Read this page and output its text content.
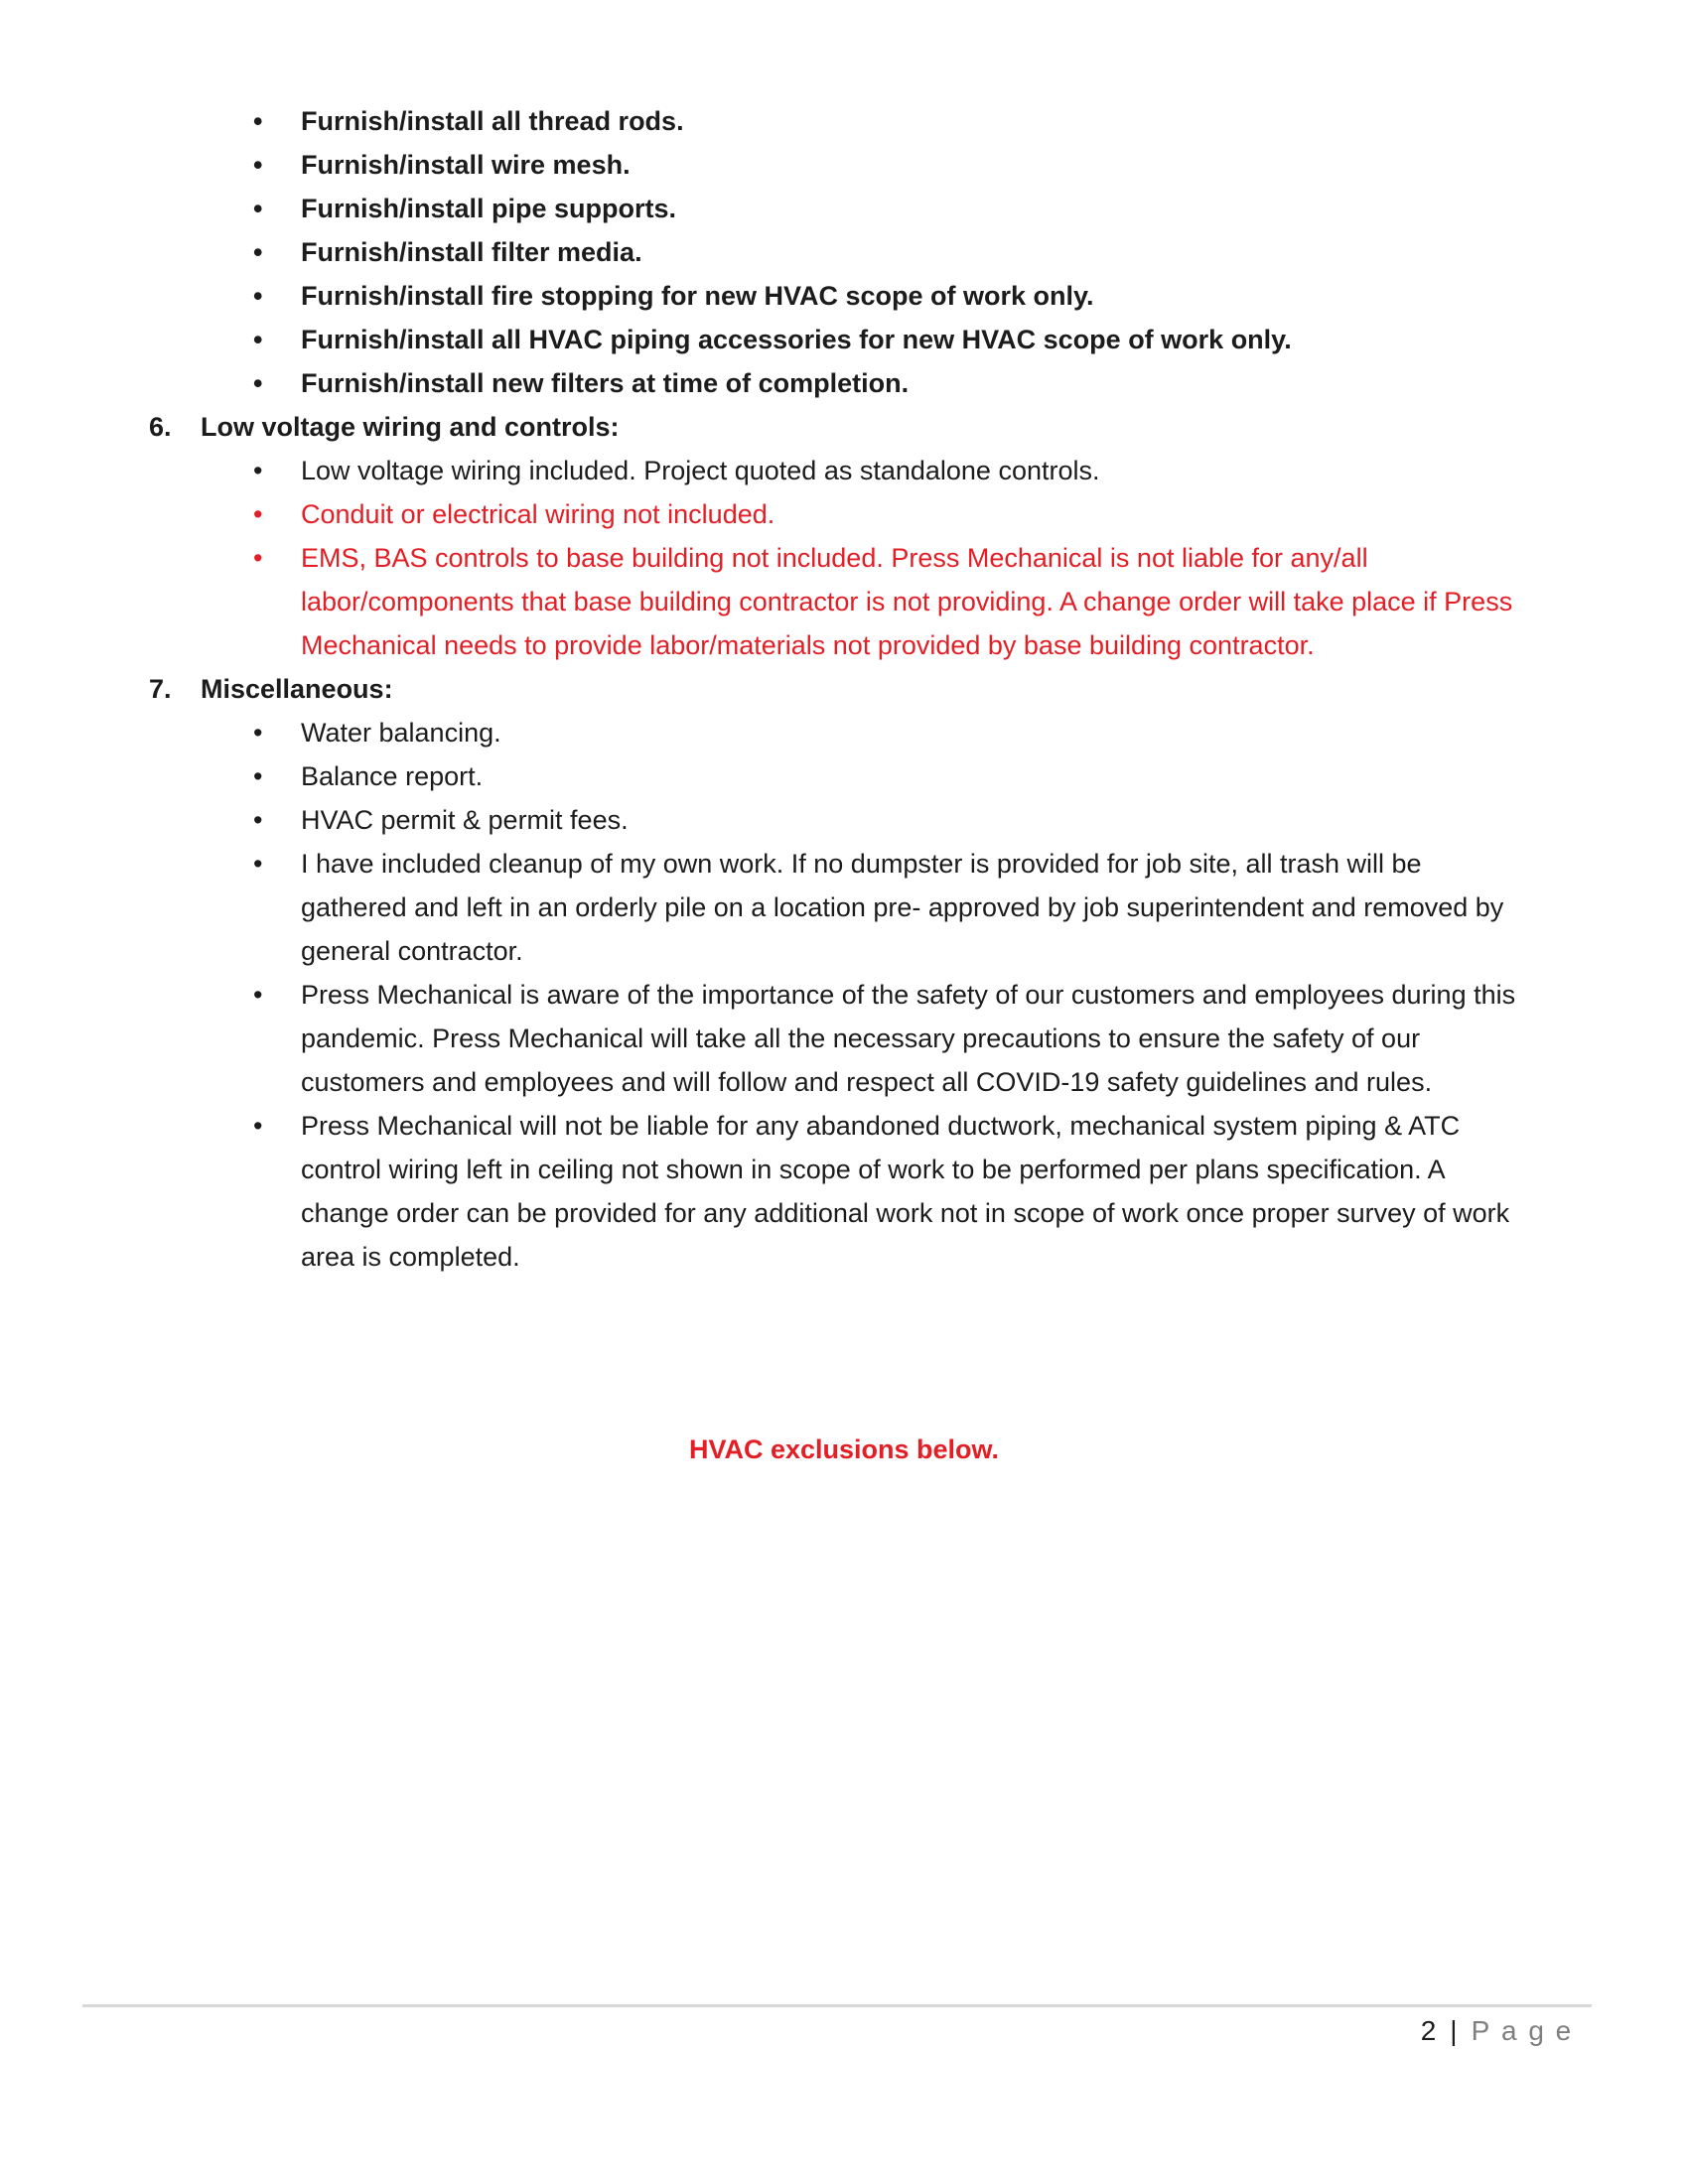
•	Furnish/install all thread rods.
•	Furnish/install wire mesh.
•	Furnish/install pipe supports.
•	Furnish/install filter media.
•	Furnish/install fire stopping for new HVAC scope of work only.
•	Furnish/install all HVAC piping accessories for new HVAC scope of work only.
•	Furnish/install new filters at time of completion.
6.	Low voltage wiring and controls:
•	Low voltage wiring included. Project quoted as standalone controls.
•	Conduit or electrical wiring not included.
•	EMS, BAS controls to base building not included. Press Mechanical is not liable for any/all
labor/components that base building contractor is not providing. A change order will take place if Press
Mechanical needs to provide labor/materials not provided by base building contractor.
7.	Miscellaneous:
•	Water balancing.
•	Balance report.
•	HVAC permit & permit fees.
•	I have included cleanup of my own work. If no dumpster is provided for job site, all trash will be
gathered and left in an orderly pile on a location pre- approved by job superintendent and removed by
general contractor.
•	Press Mechanical is aware of the importance of the safety of our customers and employees during this
pandemic. Press Mechanical will take all the necessary precautions to ensure the safety of our
customers and employees and will follow and respect all COVID-19 safety guidelines and rules.
•	Press Mechanical will not be liable for any abandoned ductwork, mechanical system piping & ATC
control wiring left in ceiling not shown in scope of work to be performed per plans specification. A
change order can be provided for any additional work not in scope of work once proper survey of work
area is completed.
HVAC exclusions below.
2 | Page
